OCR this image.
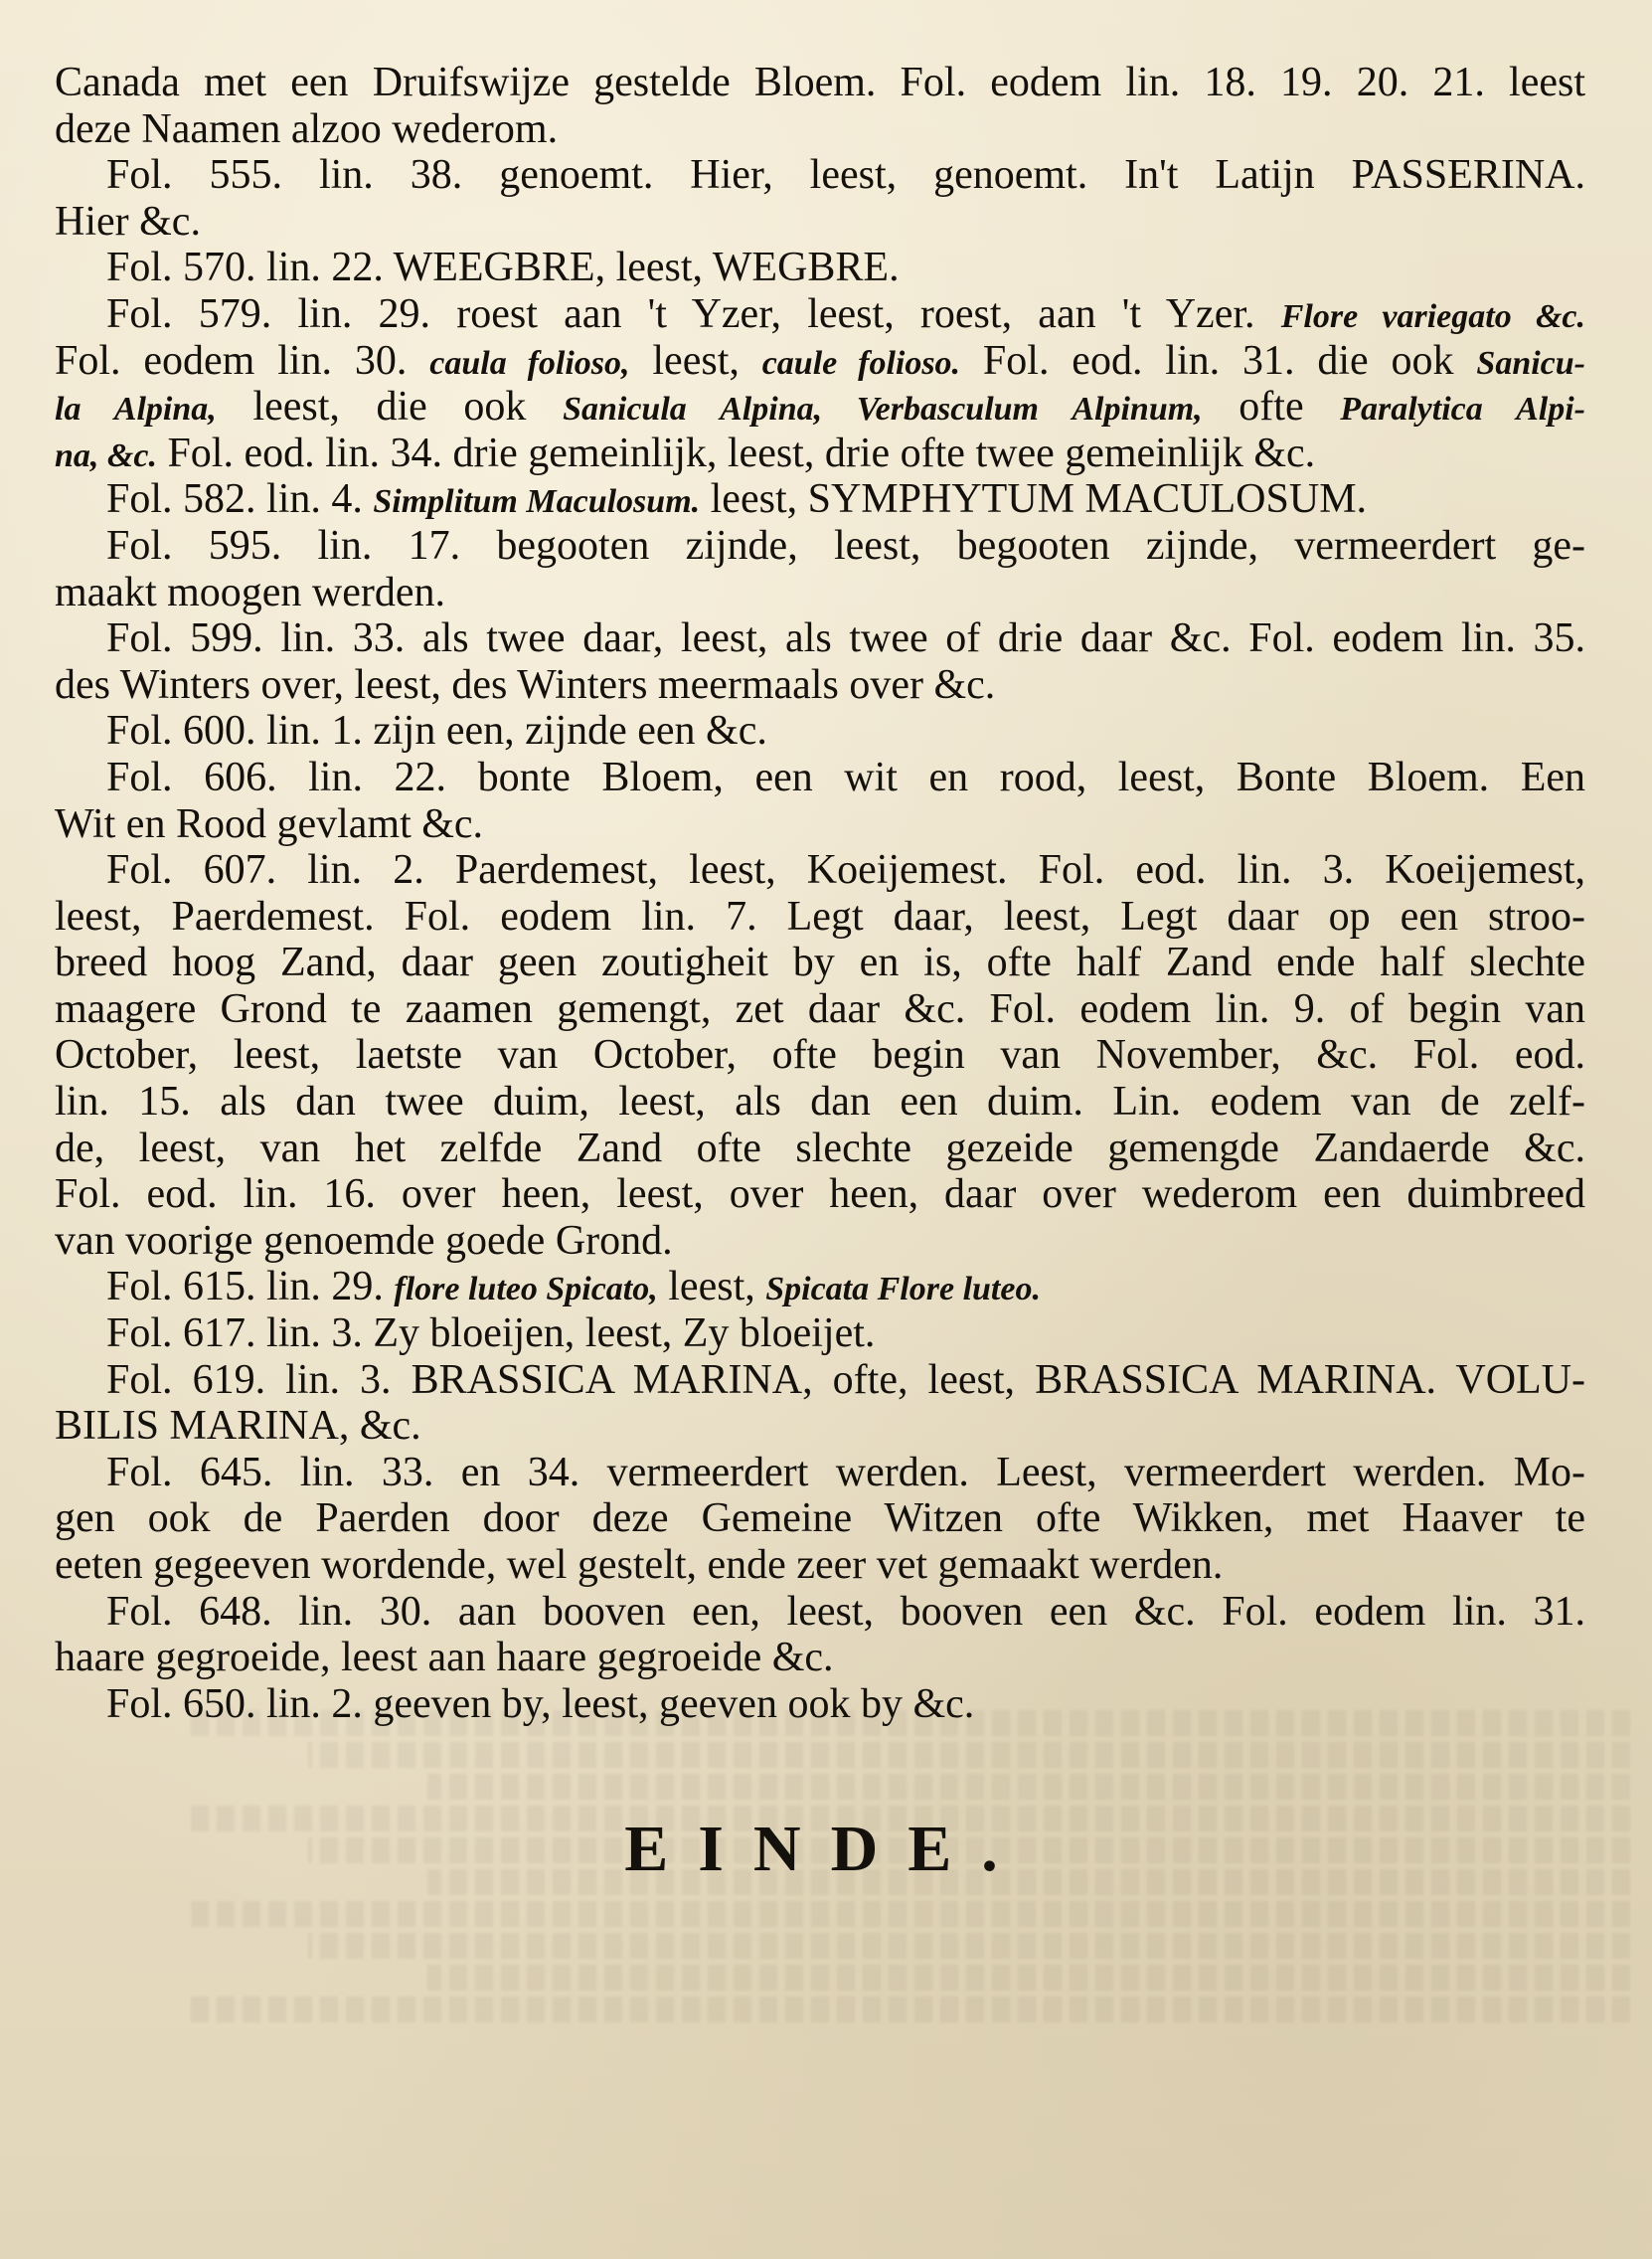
Canada met een Druifswijze gestelde Bloem. Fol. eodem lin. 18. 19. 20. 21. leest
deze Naamen alzoo wederom.
Fol. 555. lin. 38. genoemt. Hier, leest, genoemt. In't Latijn PASSERINA.
Hier &c.
Fol. 570. lin. 22. WEEGBRE, leest, WEGBRE.
Fol. 579. lin. 29. roest aan 't Yzer, leest, roest, aan 't Yzer. Flore variegato &c.
Fol. eodem lin. 30. caula folioso, leest, caule folioso. Fol. eod. lin. 31. die ook Sanicu-
la Alpina, leest, die ook Sanicula Alpina, Verbasculum Alpinum, ofte Paralytica Alpi-
na, &c. Fol. eod. lin. 34. drie gemeinlijk, leest, drie ofte twee gemeinlijk &c.
Fol. 582. lin. 4. Simplitum Maculosum. leest, SYMPHYTUM MACULOSUM.
Fol. 595. lin. 17. begooten zijnde, leest, begooten zijnde, vermeerdert ge-
maakt moogen werden.
Fol. 599. lin. 33. als twee daar, leest, als twee of drie daar &c. Fol. eodem lin. 35.
des Winters over, leest, des Winters meermaals over &c.
Fol. 600. lin. 1. zijn een, zijnde een &c.
Fol. 606. lin. 22. bonte Bloem, een wit en rood, leest, Bonte Bloem. Een
Wit en Rood gevlamt &c.
Fol. 607. lin. 2. Paerdemest, leest, Koeijemest. Fol. eod. lin. 3. Koeijemest,
leest, Paerdemest. Fol. eodem lin. 7. Legt daar, leest, Legt daar op een stroo-
breed hoog Zand, daar geen zoutigheit by en is, ofte half Zand ende half slechte
maagere Grond te zaamen gemengt, zet daar &c. Fol. eodem lin. 9. of begin van
October, leest, laetste van October, ofte begin van November, &c. Fol. eod.
lin. 15. als dan twee duim, leest, als dan een duim. Lin. eodem van de zelf-
de, leest, van het zelfde Zand ofte slechte gezeide gemengde Zandaerde &c.
Fol. eod. lin. 16. over heen, leest, over heen, daar over wederom een duimbreed
van voorige genoemde goede Grond.
Fol. 615. lin. 29. flore luteo Spicato, leest, Spicata Flore luteo.
Fol. 617. lin. 3. Zy bloeijen, leest, Zy bloeijet.
Fol. 619. lin. 3. BRASSICA MARINA, ofte, leest, BRASSICA MARINA. VOLU-
BILIS MARINA, &c.
Fol. 645. lin. 33. en 34. vermeerdert werden. Leest, vermeerdert werden. Mo-
gen ook de Paerden door deze Gemeine Witzen ofte Wikken, met Haaver te
eeten gegeeven wordende, wel gestelt, ende zeer vet gemaakt werden.
Fol. 648. lin. 30. aan booven een, leest, booven een &c. Fol. eodem lin. 31.
haare gegroeide, leest aan haare gegroeide &c.
Fol. 650. lin. 2. geeven by, leest, geeven ook by &c.
EINDE.
